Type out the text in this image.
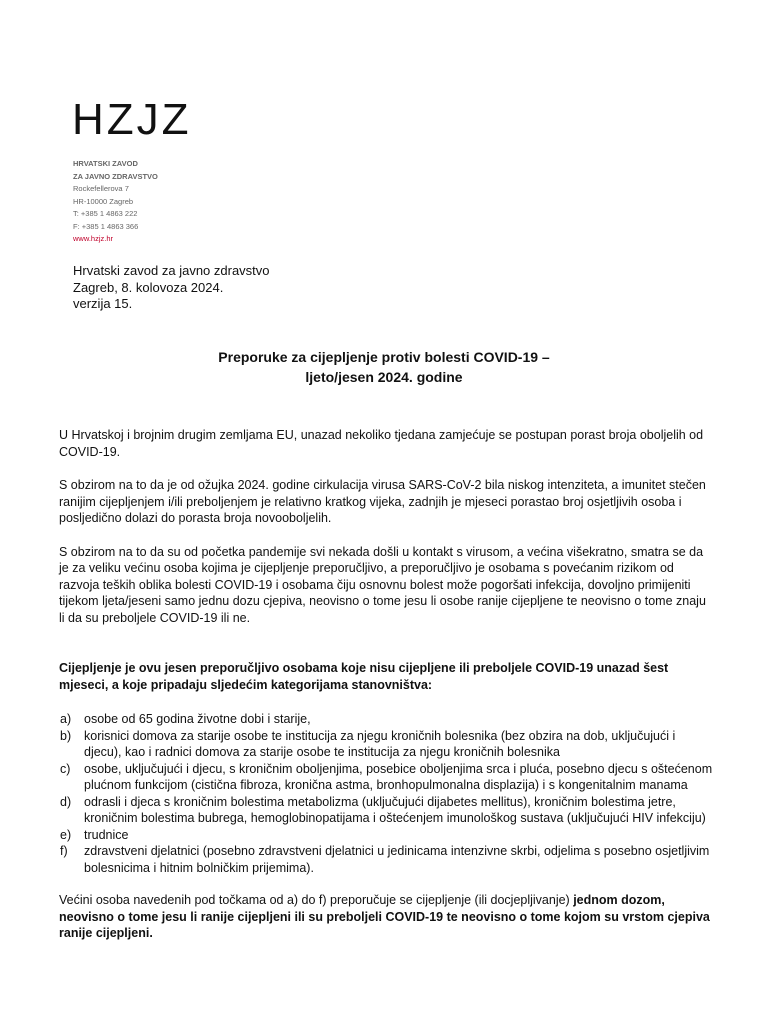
HZJZ
HRVATSKI ZAVOD
ZA JAVNO ZDRAVSTVO
Rockefellerova 7
HR-10000 Zagreb
T: +385 1 4863 222
F: +385 1 4863 366
www.hzjz.hr
Hrvatski zavod za javno zdravstvo
Zagreb, 8. kolovoza 2024.
verzija 15.
Preporuke za cijepljenje protiv bolesti COVID-19 –
ljeto/jesen 2024. godine

U Hrvatskoj i brojnim drugim zemljama EU, unazad nekoliko tjedana zamjećuje se postupan porast broja oboljelih od COVID-19.

S obzirom na to da je od ožujka 2024. godine cirkulacija virusa SARS-CoV-2 bila niskog intenziteta, a imunitet stečen ranijim cijepljenjem i/ili preboljenjem je relativno kratkog vijeka, zadnjih je mjeseci porastao broj osjetljivih osoba i posljedično dolazi do porasta broja novooboljelih.

S obzirom na to da su od početka pandemije svi nekada došli u kontakt s virusom, a većina višekratno, smatra se da je za veliku većinu osoba kojima je cijepljenje preporučljivo, a preporučljivo je osobama s povećanim rizikom od razvoja teških oblika bolesti COVID-19 i osobama čiju osnovnu bolest može pogoršati infekcija, dovoljno primijeniti tijekom ljeta/jeseni samo jednu dozu cjepiva, neovisno o tome jesu li osobe ranije cijepljene te neovisno o tome znaju li da su preboljele COVID-19 ili ne.

Cijepljenje je ovu jesen preporučljivo osobama koje nisu cijepljene ili preboljele COVID-19 unazad šest mjeseci, a koje pripadaju sljedećim kategorijama stanovništva:

a)	osobe od 65 godina životne dobi i starije,
b)	korisnici domova za starije osobe te institucija za njegu kroničnih bolesnika (bez obzira na dob, uključujući i djecu), kao i radnici domova za starije osobe te institucija za njegu kroničnih bolesnika
c)	osobe, uključujući i djecu, s kroničnim oboljenjima, posebice oboljenjima srca i pluća, posebno djecu s oštećenom plućnom funkcijom (cistična fibroza, kronična astma, bronhopulmonalna displazija) i s kongenitalnim manama
d)	odrasli i djeca s kroničnim bolestima metabolizma (uključujući dijabetes mellitus), kroničnim bolestima jetre, kroničnim bolestima bubrega, hemoglobinopatijama i oštećenjem imunološkog sustava (uključujući HIV infekciju)
e)	trudnice
f)	zdravstveni djelatnici (posebno zdravstveni djelatnici u jedinicama intenzivne skrbi, odjelima s posebno osjetljivim bolesnicima i hitnim bolničkim prijemima).

Većini osoba navedenih pod točkama od a) do f) preporučuje se cijepljenje (ili docjepljivanje) jednom dozom, neovisno o tome jesu li ranije cijepljeni ili su preboljeli COVID-19 te neovisno o tome kojom su vrstom cjepiva ranije cijepljeni.
